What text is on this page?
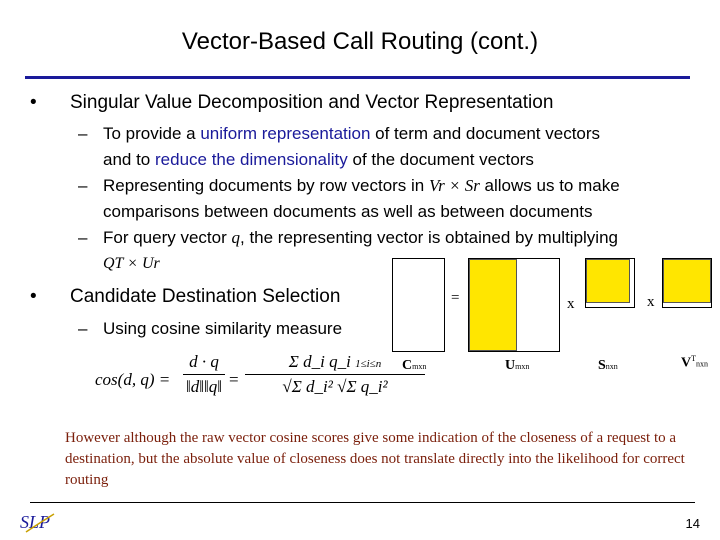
Vector-Based Call Routing (cont.)
• Singular Value Decomposition and Vector Representation
– To provide a uniform representation of term and document vectors
and to reduce the dimensionality of the document vectors
– Representing documents by row vectors in Vr × Sr allows us to make
comparisons between documents as well as between documents
– For query vector q, the representing vector is obtained by multiplying
QT × Ur
• Candidate Destination Selection
– Using cosine similarity measure
=	x	x
Cmxn	Umxn	Snxn	$V^Tnxn$
cos(d, q) =
d · q
‖d‖‖q‖ =
Σ d_i q_i 1≤i≤n
√Σ d_i² √Σ q_i²
However although the raw vector cosine scores give some indication of the closeness of a request to a destination, but the absolute value of closeness does not translate directly into the likelihood for correct routing
SLP	14
